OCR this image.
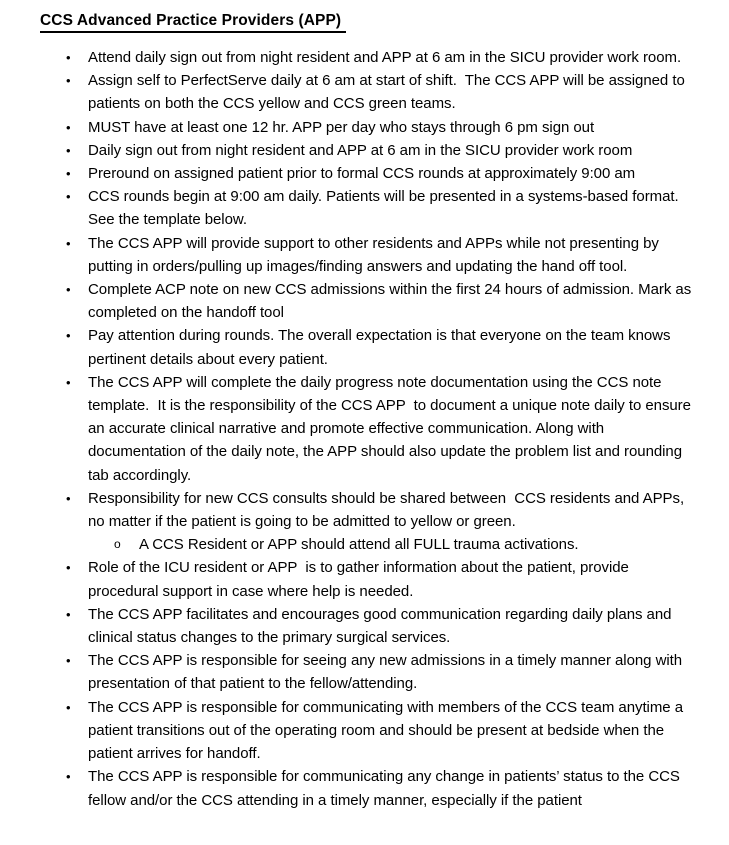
CCS Advanced Practice Providers (APP)
•	Attend daily sign out from night resident and APP at 6 am in the SICU provider work room.
•	Assign self to PerfectServe daily at 6 am at start of shift.  The CCS APP will be assigned to patients on both the CCS yellow and CCS green teams.
•	MUST have at least one 12 hr. APP per day who stays through 6 pm sign out
•	Daily sign out from night resident and APP at 6 am in the SICU provider work room
•	Preround on assigned patient prior to formal CCS rounds at approximately 9:00 am
•	CCS rounds begin at 9:00 am daily. Patients will be presented in a systems-based format.  See the template below.
•	The CCS APP will provide support to other residents and APPs while not presenting by putting in orders/pulling up images/finding answers and updating the hand off tool.
•	Complete ACP note on new CCS admissions within the first 24 hours of admission. Mark as completed on the handoff tool
•	Pay attention during rounds. The overall expectation is that everyone on the team knows pertinent details about every patient.
•	The CCS APP will complete the daily progress note documentation using the CCS note template.  It is the responsibility of the CCS APP  to document a unique note daily to ensure an accurate clinical narrative and promote effective communication. Along with documentation of the daily note, the APP should also update the problem list and rounding tab accordingly.
•	Responsibility for new CCS consults should be shared between  CCS residents and APPs, no matter if the patient is going to be admitted to yellow or green.
o	A CCS Resident or APP should attend all FULL trauma activations.
•	Role of the ICU resident or APP  is to gather information about the patient, provide procedural support in case where help is needed.
•	The CCS APP facilitates and encourages good communication regarding daily plans and clinical status changes to the primary surgical services.
•	The CCS APP is responsible for seeing any new admissions in a timely manner along with presentation of that patient to the fellow/attending.
•	The CCS APP is responsible for communicating with members of the CCS team anytime a patient transitions out of the operating room and should be present at bedside when the patient arrives for handoff.
•	The CCS APP is responsible for communicating any change in patients’ status to the CCS fellow and/or the CCS attending in a timely manner, especially if the patient
